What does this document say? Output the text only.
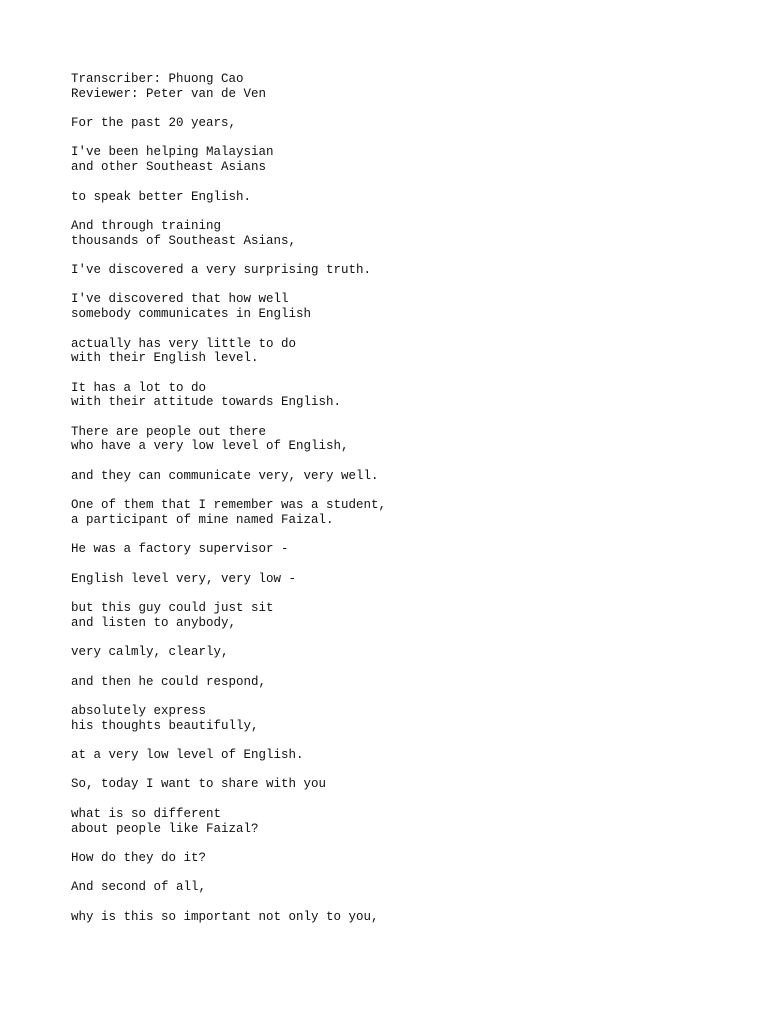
Transcriber: Phuong Cao
Reviewer: Peter van de Ven

For the past 20 years,

I've been helping Malaysian
and other Southeast Asians

to speak better English.

And through training
thousands of Southeast Asians,

I've discovered a very surprising truth.

I've discovered that how well
somebody communicates in English

actually has very little to do
with their English level.

It has a lot to do
with their attitude towards English.

There are people out there
who have a very low level of English,

and they can communicate very, very well.

One of them that I remember was a student,
a participant of mine named Faizal.

He was a factory supervisor -

English level very, very low -

but this guy could just sit
and listen to anybody,

very calmly, clearly,

and then he could respond,

absolutely express
his thoughts beautifully,

at a very low level of English.

So, today I want to share with you

what is so different
about people like Faizal?

How do they do it?

And second of all,

why is this so important not only to you,
